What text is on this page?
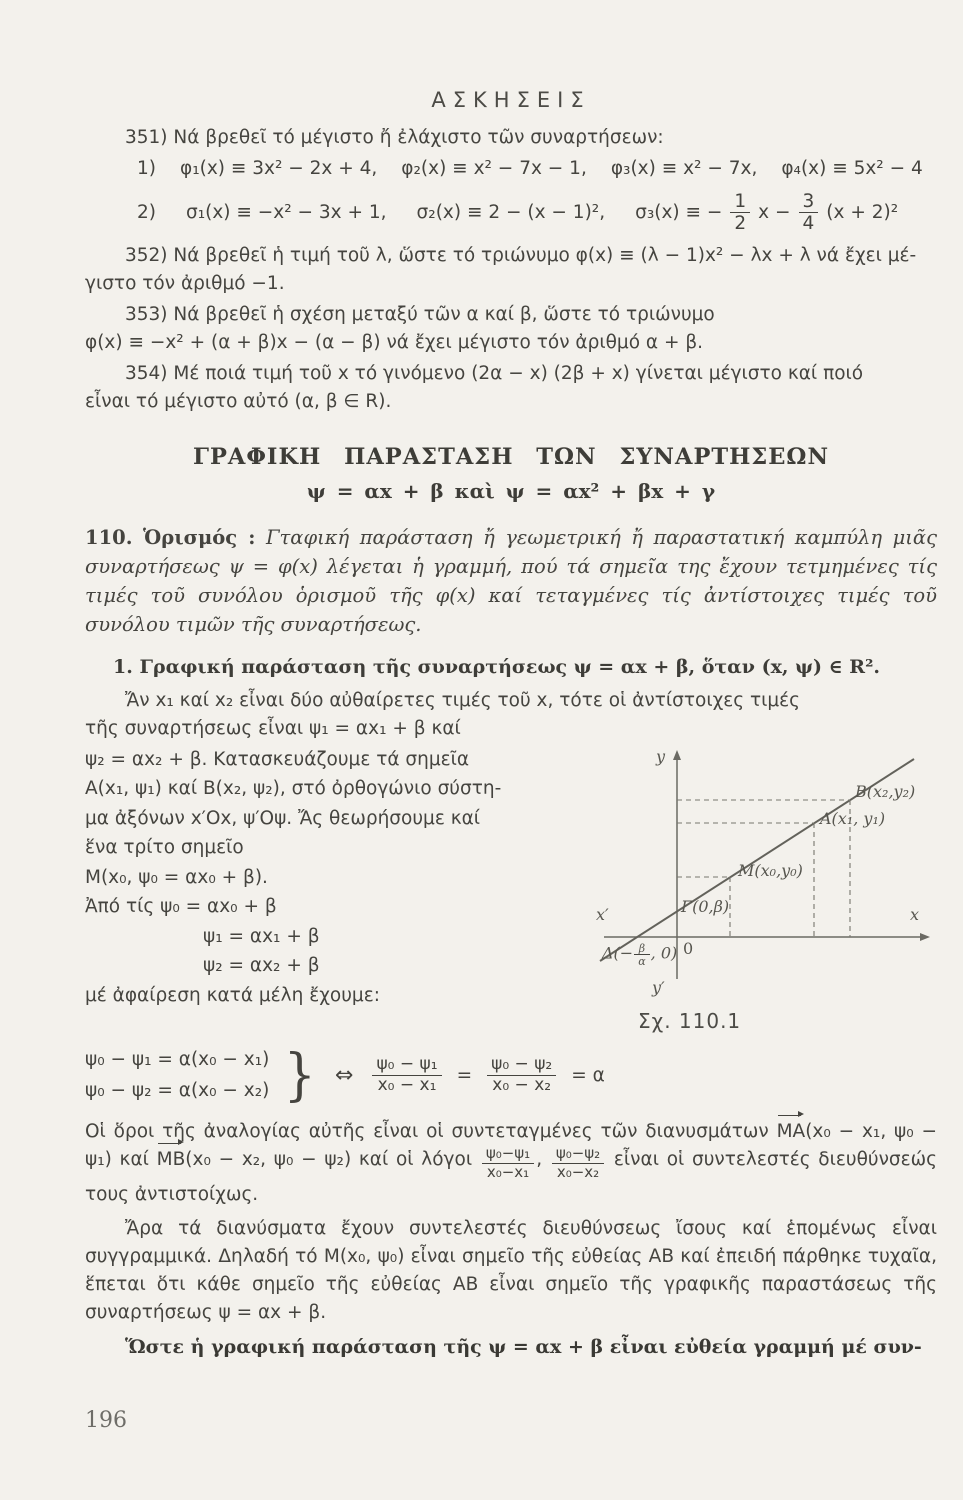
ΑΣΚΗΣΕΙΣ
351) Νά βρεθεῖ τό μέγιστο ἤ ἐλάχιστο τῶν συναρτήσεων:
1) φ₁(x) ≡ 3x² − 2x + 4, φ₂(x) ≡ x² − 7x − 1, φ₃(x) ≡ x² − 7x, φ₄(x) ≡ 5x² − 4
2) σ₁(x) ≡ −x² − 3x + 1, σ₂(x) ≡ 2 − (x − 1)², σ₃(x) ≡ − $\frac{1}{2}$ $x - \frac{3}{4} (x + 2)^2$
352) Νά βρεθεῖ ἡ τιμή τοῦ λ, ὥστε τό τριώνυμο φ(x) ≡ (λ − 1)x² − λx + λ νά ἔχει μέ-
γιστο τόν ἀριθμό −1.
353) Νά βρεθεῖ ἡ σχέση μεταξύ τῶν α καί β, ὥστε τό τριώνυμο
φ(x) ≡ −x² + (α + β)x − (α − β) νά ἔχει μέγιστο τόν ἀριθμό α + β.
354) Μέ ποιά τιμή τοῦ x τό γινόμενο (2α − x) (2β + x) γίνεται μέγιστο καί ποιό
εἶναι τό μέγιστο αὐτό (α, β ∈ R).
ΓΡΑΦΙΚΗ ΠΑΡΑΣΤΑΣΗ ΤΩΝ ΣΥΝΑΡΤΗΣΕΩΝ
ψ = αx + β καὶ ψ = αx² + βx + γ

110. Ὁρισμός : Γταφική παράσταση ἤ γεωμετρική ἤ παραστατική καμπύλη μιᾶς συναρτήσεως ψ = φ(x) λέγεται ἡ γραμμή, πού τά σημεῖα της ἔχουν τετμημένες τίς τιμές τοῦ συνόλου ὁρισμοῦ τῆς φ(x) καί τεταγμένες τίς ἀντίστοιχες τιμές τοῦ συνόλου τιμῶν τῆς συναρτήσεως.

1. Γραφική παράσταση τῆς συναρτήσεως ψ = αx + β, ὅταν (x, ψ) ∈ R².
Ἄν x₁ καί x₂ εἶναι δύο αὐθαίρετες τιμές τοῦ x, τότε οἱ ἀντίστοιχες τιμές
τῆς συναρτήσεως εἶναι ψ₁ = αx₁ + β καί
ψ₂ = αx₂ + β. Κατασκευάζουμε τά σημεῖα
A(x₁, ψ₁) καί B(x₂, ψ₂), στό ὀρθογώνιο σύστη-
μα ἀξόνων x′Ox, ψ′Οψ. Ἄς θεωρήσουμε καί
ἕνα τρίτο σημεῖο
M(x₀, ψ₀ = αx₀ + β).
Ἀπό τίς ψ₀ = αx₀ + β
ψ₁ = αx₁ + β
ψ₂ = αx₂ + β
μέ ἀφαίρεση κατά μέλη ἔχουμε:
y
y′
x′	x
0
Γ(0,β)
$\Delta(- \frac{\beta}{\alpha}$ , 0)
M(x₀,y₀)
A(x₁, y₁)
B(x₂,y₂)
Σχ. 110.1
ψ₀ − ψ₁ = α(x₀ − x₁)
ψ₀ − ψ₂ = α(x₀ − x₂) } ⇔ $\frac{\text{ψ₀ − ψ₁}}{\text{x₀ − x₁}} = \frac{\text{ψ₀ − ψ₂}}{\text{x₀ − x₂}} = \alpha$

Οἱ ὅροι τῆς ἀναλογίας αὐτῆς εἶναι οἱ συντεταγμένες τῶν διανυσμάτων MA(x₀ − x₁, ψ₀ − ψ₁) καί MB(x₀ − x₂, ψ₀ − ψ₂) καί οἱ λόγοι $\frac{\text{ψ₀−ψ₁}}{\text{x₀−x₁}}$ , $\frac{\text{ψ₀−ψ₂}}{\text{x₀−x₂}}$ εἶναι οἱ συντελεστές διευθύνσεώς τους ἀντιστοίχως.

Ἄρα τά διανύσματα ἔχουν συντελεστές διευθύνσεως ἴσους καί ἑπομένως εἶναι συγγραμμικά. Δηλαδή τό M(x₀, ψ₀) εἶναι σημεῖο τῆς εὐθείας AB καί ἐπειδή πάρθηκε τυχαῖα, ἕπεται ὅτι κάθε σημεῖο τῆς εὐθείας AB εἶναι σημεῖο τῆς γραφικῆς παραστάσεως τῆς συναρτήσεως ψ = αx + β.

Ὥστε ἡ γραφική παράσταση τῆς ψ = αx + β εἶναι εὐθεία γραμμή μέ συν-

196
